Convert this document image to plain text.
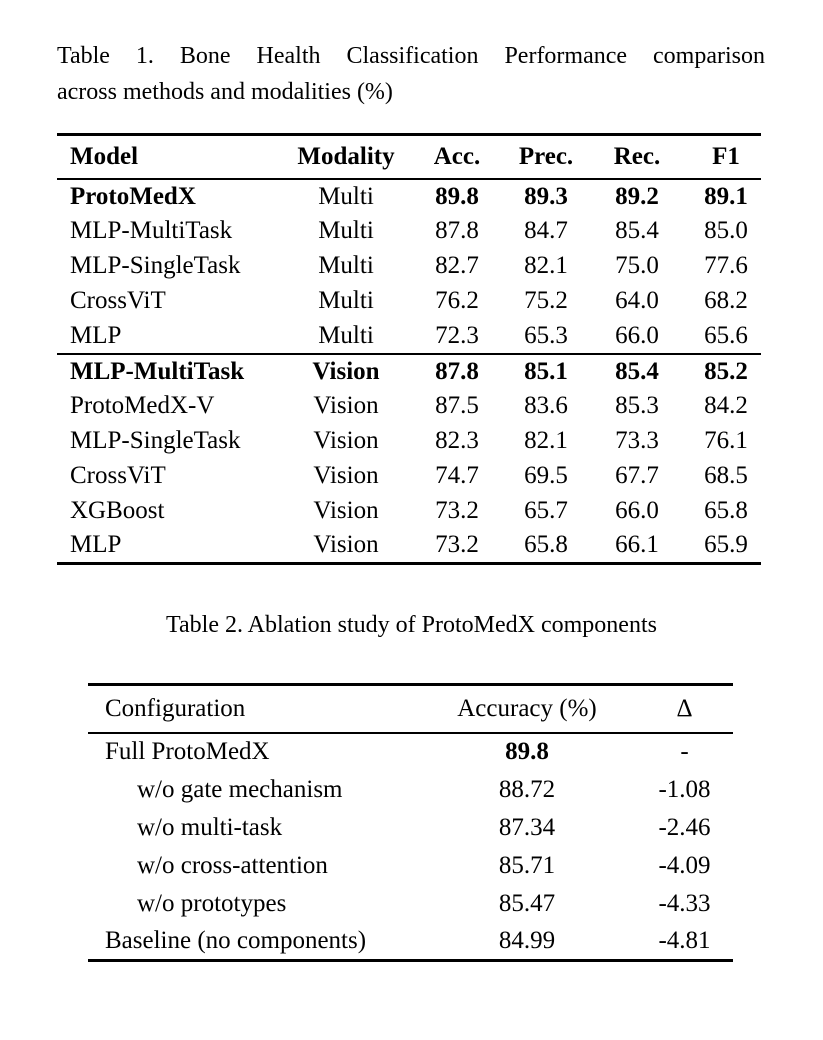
Table 1. Bone Health Classification Performance comparison
across methods and modalities (%)
Model	Modality	Acc.	Prec.	Rec.	F1
ProtoMedX	Multi	89.8	89.3	89.2	89.1
MLP-MultiTask	Multi	87.8	84.7	85.4	85.0
MLP-SingleTask	Multi	82.7	82.1	75.0	77.6
CrossViT	Multi	76.2	75.2	64.0	68.2
MLP	Multi	72.3	65.3	66.0	65.6
MLP-MultiTask	Vision	87.8	85.1	85.4	85.2
ProtoMedX-V	Vision	87.5	83.6	85.3	84.2
MLP-SingleTask	Vision	82.3	82.1	73.3	76.1
CrossViT	Vision	74.7	69.5	67.7	68.5
XGBoost	Vision	73.2	65.7	66.0	65.8
MLP	Vision	73.2	65.8	66.1	65.9
Table 2. Ablation study of ProtoMedX components
Configuration	Accuracy (%)	Δ
Full ProtoMedX	89.8	-
w/o gate mechanism	88.72	-1.08
w/o multi-task	87.34	-2.46
w/o cross-attention	85.71	-4.09
w/o prototypes	85.47	-4.33
Baseline (no components)	84.99	-4.81
